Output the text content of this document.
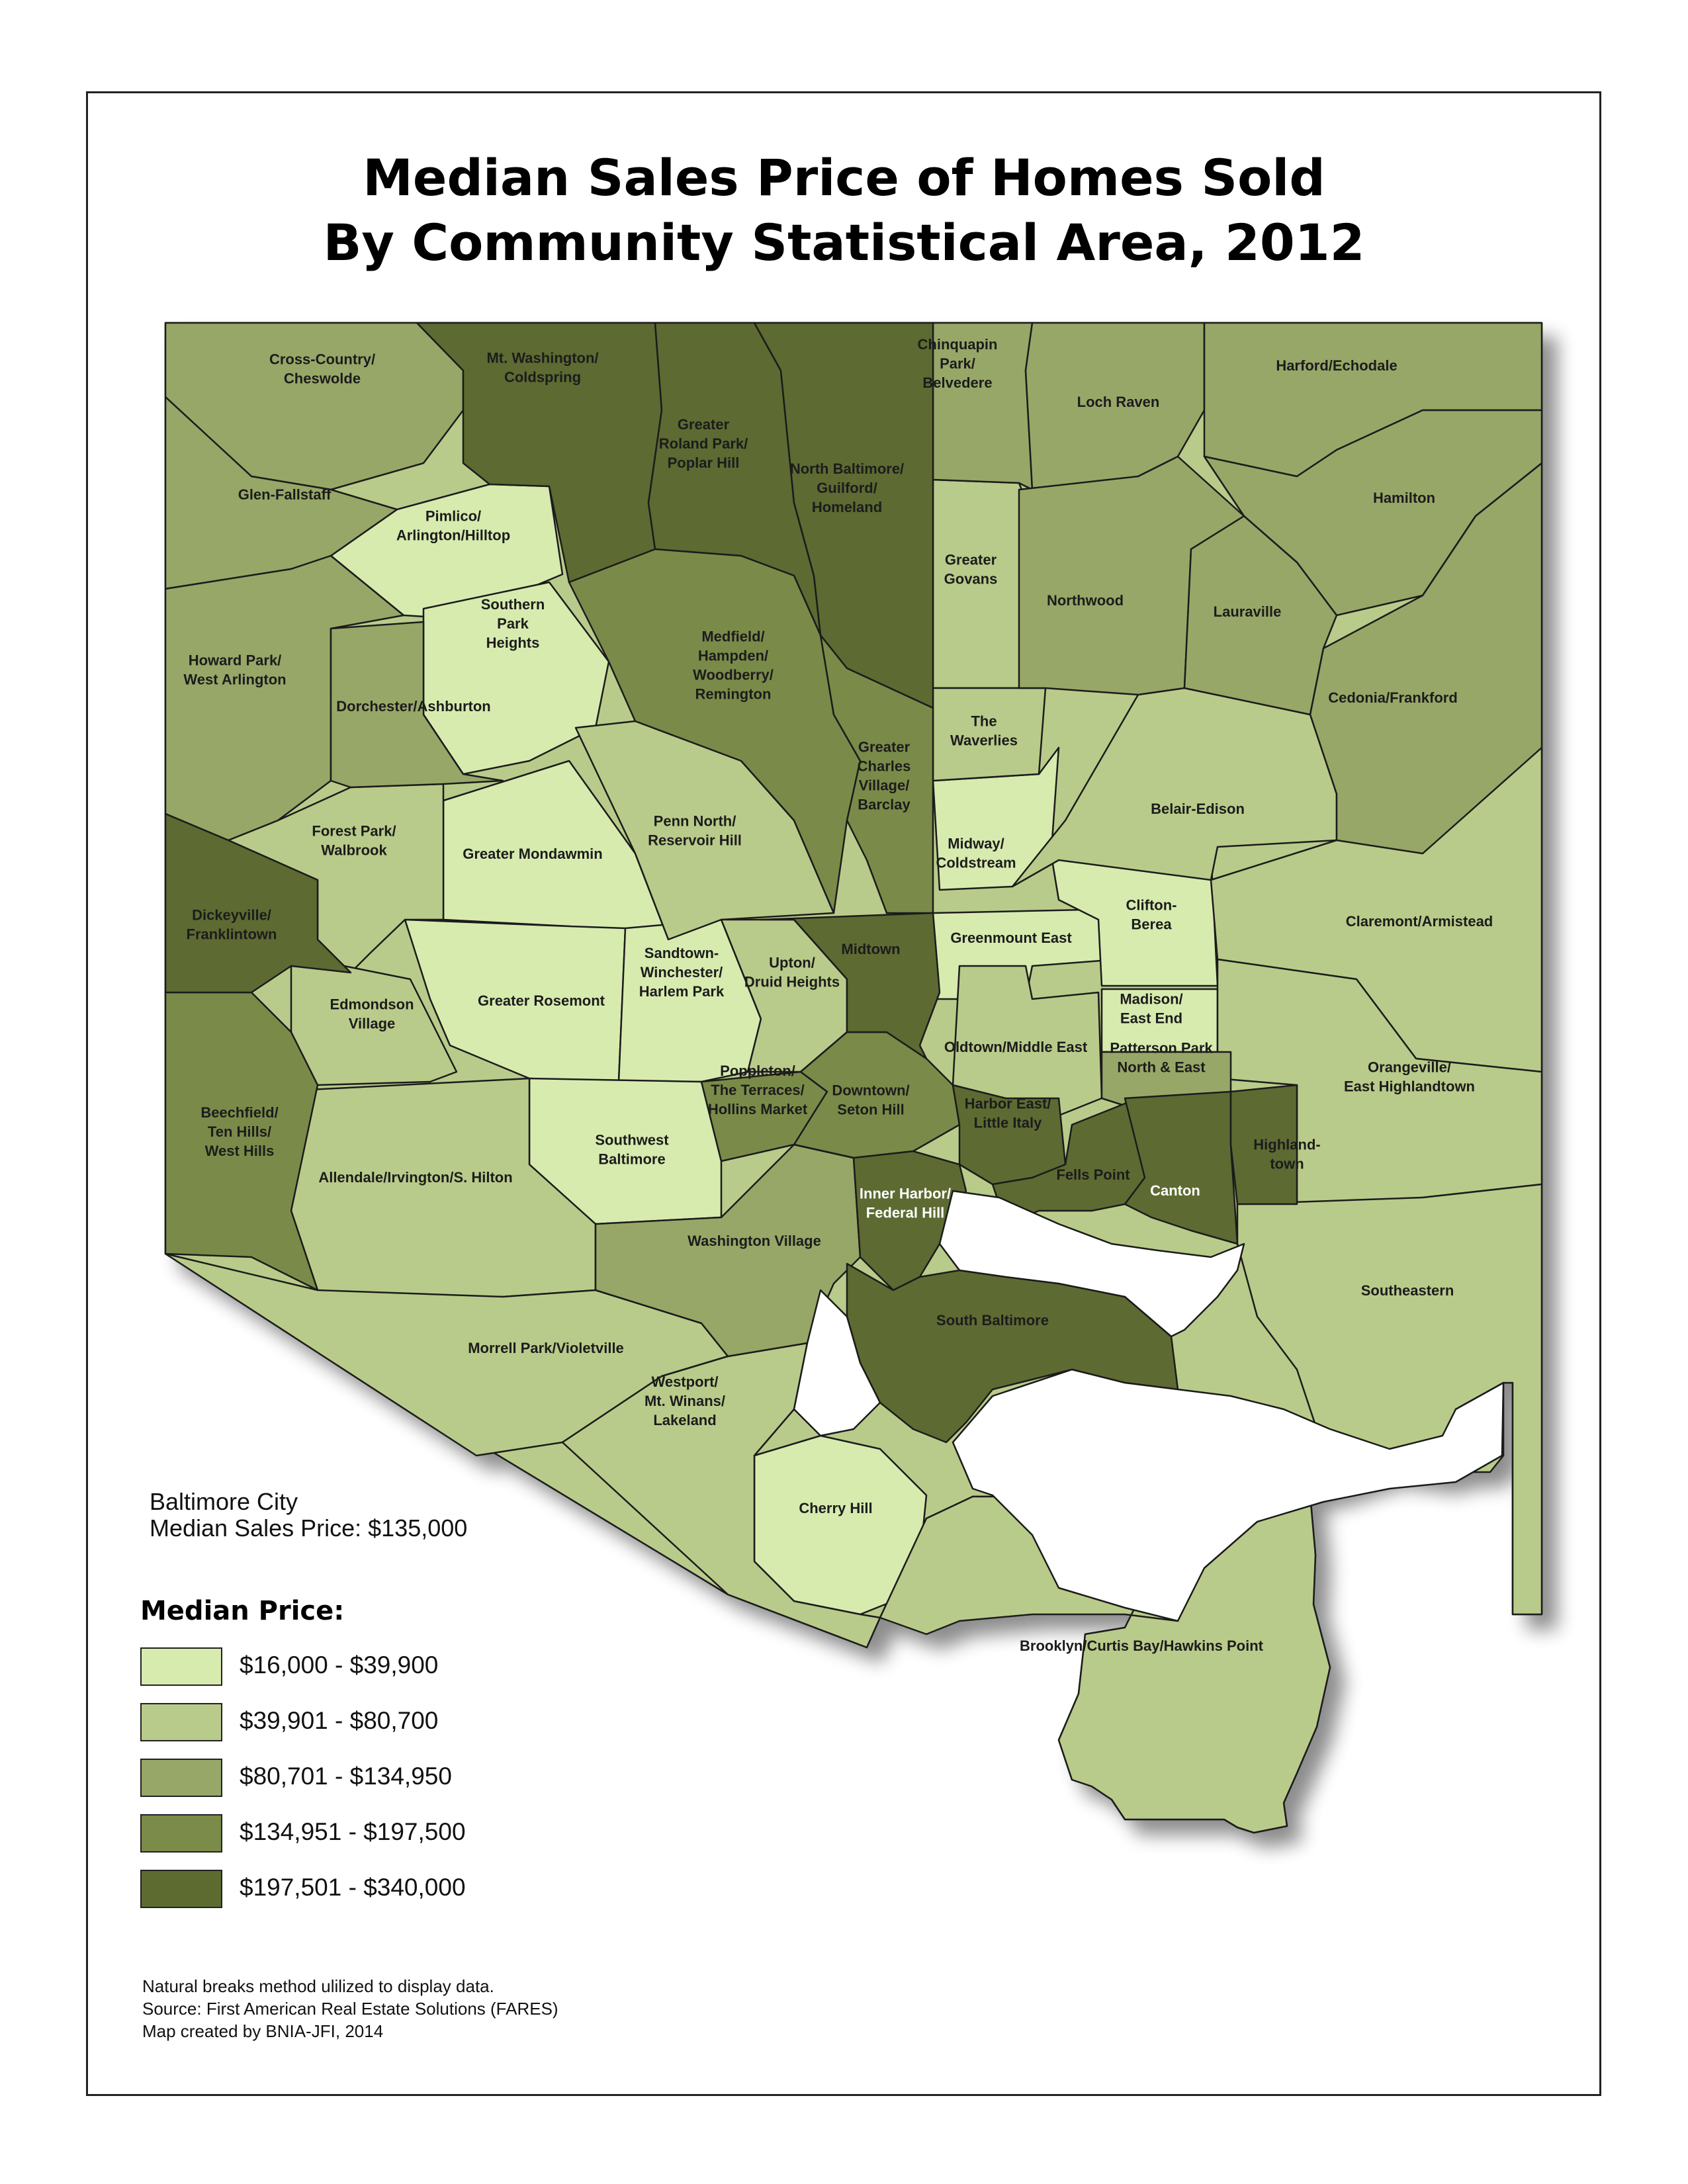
Median Sales Price of Homes Sold
By Community Statistical Area, 2012
Cross-Country/ Cheswolde
Mt. Washington/ Coldspring
Chinquapin Park/ Belvedere
Loch Raven
Harford/Echodale
Greater Roland Park/ Poplar Hill	North Baltimore/ Guilford/ Homeland
Glen-Fallstaff
Pimlico/ Arlington/Hilltop
Hamilton
Greater Govans
Northwood
Lauraville
Southern Park Heights
Howard Park/ West Arlington
Medfield/ Hampden/ Woodberry/ Remington
Dorchester/Ashburton
Cedonia/Frankford
The Waverlies
Greater Charles Village/ Barclay
Forest Park/ Walbrook	Greater Mondawmin
Penn North/ Reservoir Hill
Belair-Edison
Midway/ Coldstream
Dickeyville/ Franklintown
Clifton-Berea	Claremont/Armistead
Greenmount East
Midtown
Sandtown-Winchester/ Harlem Park
Upton/ Druid Heights
Greater Rosemont
Edmondson Village
Madison/ East End
Oldtown/Middle East Patterson Park North & East	Orangeville/ East Highlandtown
Poppleton/ The Terraces/ Hollins Market
Downtown/ Seton Hill	Harbor East/ Little Italy
Beechfield/ Ten Hills/ West Hills	Highland-town
Southwest Baltimore
Allendale/Irvington/S. Hilton	Fells Point
Canton
Inner Harbor/ Federal Hill
Washington Village
Southeastern
South Baltimore
Morrell Park/Violetville
Westport/ Mt. Winans/ Lakeland
Cherry Hill
Brooklyn/Curtis Bay/Hawkins Point
Baltimore City
Median Sales Price: $135,000
Median Price:
$16,000 - $39,900
$39,901 - $80,700
$80,701 - $134,950
$134,951 - $197,500
$197,501 - $340,000
Natural breaks method ulilized to display data.
Source: First American Real Estate Solutions (FARES)
Map created by BNIA-JFI, 2014
